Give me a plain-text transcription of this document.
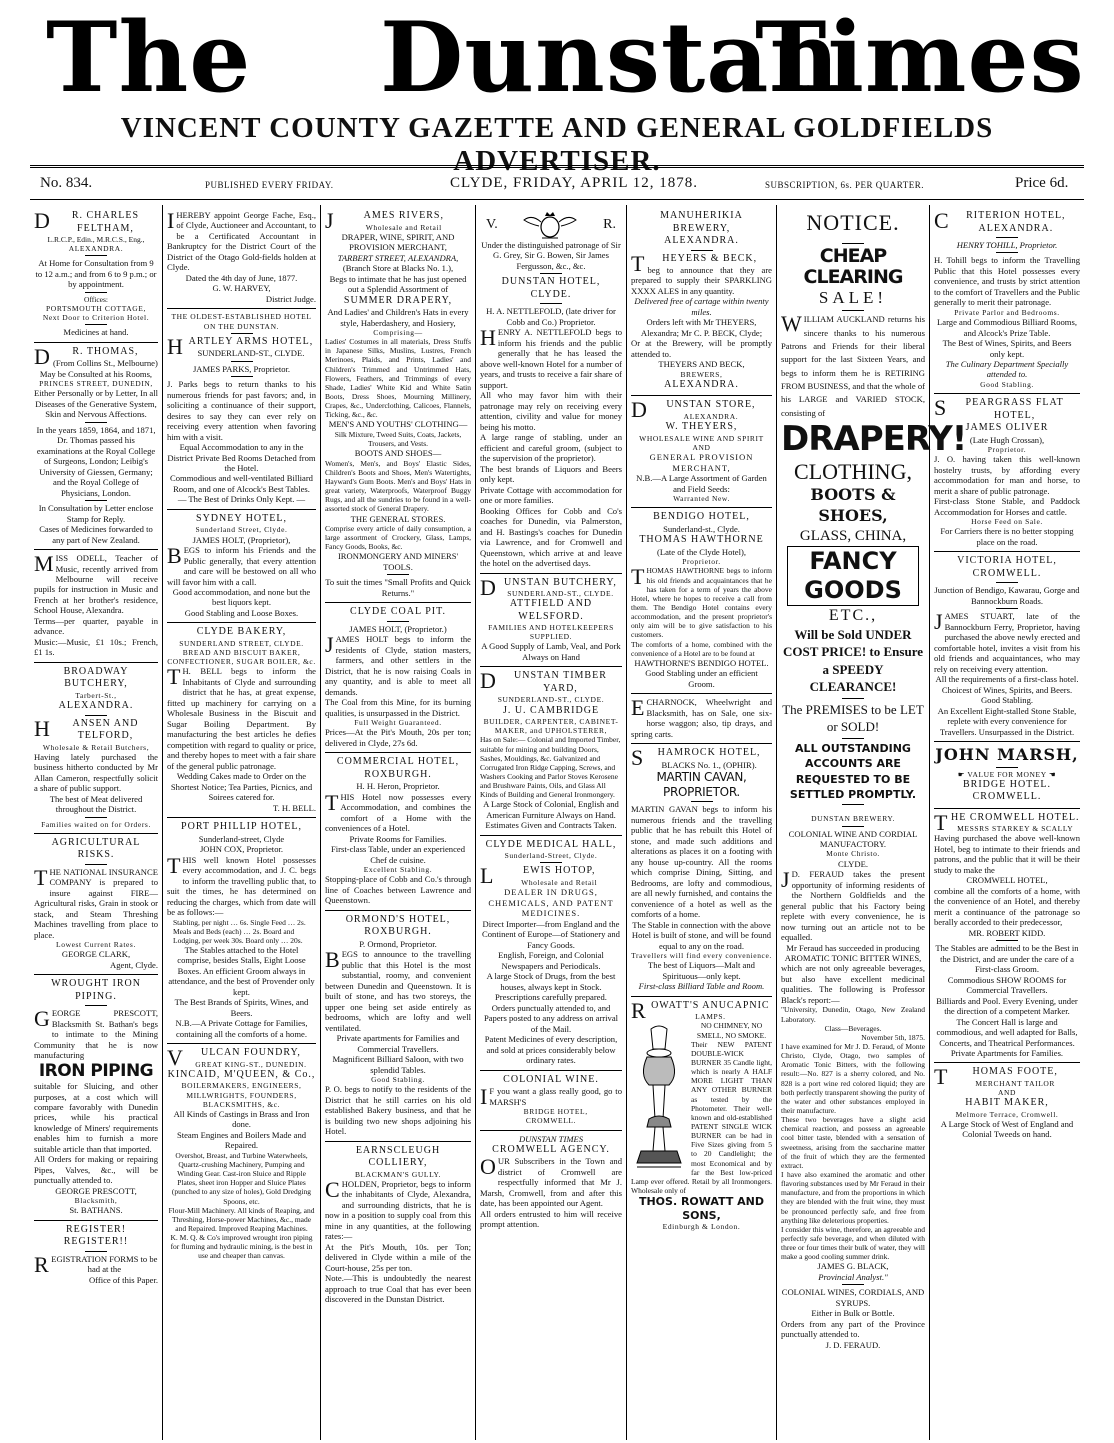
The Dunstan
Times
VINCENT COUNTY GAZETTE AND GENERAL GOLDFIELDS ADVERTISER.
No. 834.	PUBLISHED EVERY FRIDAY.	CLYDE, FRIDAY, APRIL 12, 1878.	SUBSCRIPTION, 6s. PER QUARTER.	Price 6d.
D R. CHARLES FELTHAM,
L.R.C.P., Edin., M.R.C.S., Eng.,
ALEXANDRA.
At Home for Consultation from 9 to 12 a.m.; and from 6 to 9 p.m.; or by appointment.
Offices:
PORTSMOUTH COTTAGE,
Next Door to Criterion Hotel.
Medicines at hand.
D R. THOMAS,
(From Collins St., Melbourne)
May be Consulted at his Rooms,
PRINCES STREET, DUNEDIN,
Either Personally or by Letter, In all Diseases of the Generative System, Skin and Nervous Affections.
In the years 1859, 1864, and 1871, Dr. Thomas passed his examinations at the Royal College of Surgeons, London; Leibig's University of Giessen, Germany; and the Royal College of Physicians, London.
In Consultation by Letter enclose Stamp for Reply.
Cases of Medicines forwarded to any part of New Zealand.
MISS ODELL, Teacher of Music, recently arrived from Melbourne will receive pupils for instruction in Music and French at her brother's residence, School House, Alexandra.
Terms—per quarter, payable in advance.
Music:—Music, £1 10s.; French, £1 1s.
BROADWAY BUTCHERY,
Tarbert-St.,
ALEXANDRA.
H ANSEN AND TELFORD,
Wholesale & Retail Butchers,
Having lately purchased the business hitherto conducted by Mr Allan Cameron, respectfully solicit a share of public support.
The best of Meat delivered throughout the District.
Families waited on for Orders.
AGRICULTURAL RISKS.
THE NATIONAL INSURANCE COMPANY is prepared to insure against FIRE—Agricultural risks, Grain in stook or stack, and Steam Threshing Machines travelling from place to place.
Lowest Current Rates.
GEORGE CLARK,
Agent, Clyde.
WROUGHT IRON PIPING.
GEORGE PRESCOTT, Blacksmith St. Bathan's begs to intimate to the Mining Community that he is now manufacturing
IRON PIPING
suitable for Sluicing, and other purposes, at a cost which will compare favorably with Dunedin prices, while his practical knowledge of Miners' requirements enables him to furnish a more suitable article than that imported.
All Orders for making or repairing Pipes, Valves, &c., will be punctually attended to.
GEORGE PRESCOTT,
Blacksmith,
St. BATHANS.
REGISTER! REGISTER!!
REGISTRATION FORMS to be had at the
Office of this Paper.
IHEREBY appoint George Fache, Esq., of Clyde, Auctioneer and Accountant, to be a Certificated Accountant in Bankruptcy for the District Court of the District of the Otago Gold-fields holden at Clyde.
Dated the 4th day of June, 1877.
G. W. HARVEY,
District Judge.
THE OLDEST-ESTABLISHED HOTEL ON THE DUNSTAN.
HARTLEY ARMS HOTEL,
SUNDERLAND-ST., CLYDE.
JAMES PARKS, Proprietor.
J. Parks begs to return thanks to his numerous friends for past favors; and, in soliciting a continuance of their support, desires to say they can ever rely on receiving every attention when favoring him with a visit.
Equal Accommodation to any in the District Private Bed Rooms Detached from the Hotel.
Commodious and well-ventilated Billiard Room, and one of Alcock's Best Tables.
— The Best of Drinks Only Kept. —
SYDNEY HOTEL,
Sunderland Street, Clyde.
JAMES HOLT, (Proprietor),
BEGS to inform his Friends and the Public generally, that every attention and care will be bestowed on all who will favor him with a call.
Good accommodation, and none but the best liquors kept.
Good Stabling and Loose Boxes.
CLYDE BAKERY,
SUNDERLAND STREET, CLYDE.
BREAD AND BISCUIT BAKER, CONFECTIONER, SUGAR BOILER, &c.
T H. BELL begs to inform the Inhabitants of Clyde and surrounding district that he has, at great expense, fitted up machinery for carrying on a Wholesale Business in the Biscuit and Sugar Boiling Department. By manufacturing the best articles he defies competition with regard to quality or price, and thereby hopes to meet with a fair share of the general public patronage.
Wedding Cakes made to Order on the Shortest Notice; Tea Parties, Picnics, and Soirees catered for.
T. H. BELL.
PORT PHILLIP HOTEL,
Sunderland-street, Clyde
JOHN COX, Proprietor.
THIS well known Hotel possesses every accommodation, and J. C. begs to inform the travelling public that, to suit the times, he has determined on reducing the charges, which from date will be as follows:—
Stabling, per night … 6s. Single Feed … 2s. Meals and Beds (each) … 2s. Board and Lodging, per week 30s. Board only … 20s.
The Stables attached to the Hotel comprise, besides Stalls, Eight Loose Boxes. An efficient Groom always in attendance, and the best of Provender only kept.
The Best Brands of Spirits, Wines, and Beers.
N.B.—A Private Cottage for Families, containing all the comforts of a home.
V ULCAN FOUNDRY,
GREAT KING-ST., DUNEDIN.
KINCAID, M'QUEEN, & Co.,
BOILERMAKERS, ENGINEERS, MILLWRIGHTS, FOUNDERS, BLACKSMITHS, &c.
All Kinds of Castings in Brass and Iron done.
Steam Engines and Boilers Made and Repaired.
Overshot, Breast, and Turbine Waterwheels, Quartz-crushing Machinery, Pumping and Winding Gear. Cast-iron Sluice and Ripple Plates, sheet iron Hopper and Sluice Plates (punched to any size of holes), Gold Dredging Spoons, etc.
Flour-Mill Machinery. All kinds of Reaping, and Threshing, Horse-power Machines, &c., made and Repaired. Improved Reaping Machines.
K. M. Q. & Co's improved wrought iron piping for fluming and hydraulic mining, is the best in use and cheaper than canvas.
J	AMES RIVERS,
Wholesale and Retail
DRAPER, WINE, SPIRIT, AND PROVISION MERCHANT,
TARBERT STREET, ALEXANDRA,
(Branch Store at Blacks No. 1.),
Begs to intimate that he has just opened out a Splendid Assortment of
SUMMER DRAPERY,
And Ladies' and Children's Hats in every style, Haberdashery, and Hosiery,
Comprising—
Ladies' Costumes in all materials, Dress Stuffs in Japanese Silks, Muslins, Lustres, French Merinoes, Plaids, and Prints, Ladies' and Children's Trimmed and Untrimmed Hats, Flowers, Feathers, and Trimmings of every Shade, Ladies' White Kid and White Satin Boots, Dress Shoes, Mourning Millinery, Crapes, &c., Underclothing, Calicoes, Flannels, Ticking, &c., &c.
MEN'S AND YOUTHS' CLOTHING—
Silk Mixture, Tweed Suits, Coats, Jackets, Trousers, and Vests.
BOOTS AND SHOES—
Women's, Men's, and Boys' Elastic Sides, Children's Boots and Shoes, Men's Watertights, Hayward's Gum Boots. Men's and Boys' Hats in great variety, Waterproofs, Waterproof Buggy Rugs, and all the sundries to be found in a well-assorted stock of General Drapery.
THE GENERAL STORES.
Comprise every article of daily consumption, a large assortment of Crockery, Glass, Lamps, Fancy Goods, Books, &c.
IRONMONGERY AND MINERS' TOOLS.
To suit the times "Small Profits and Quick Returns."
CLYDE COAL PIT.
JAMES HOLT, (Proprietor.)
JAMES HOLT begs to inform the residents of Clyde, station masters, farmers, and other settlers in the District, that he is now raising Coals in any quantity, and is able to meet all demands.
The Coal from this Mine, for its burning qualities, is unsurpassed in the District.
Full Weight Guaranteed.
Prices—At the Pit's Mouth, 20s per ton; delivered in Clyde, 27s 6d.
COMMERCIAL HOTEL,
ROXBURGH.
H. H. Heron, Proprietor.
THIS Hotel now possesses every Accommodation, and combines the comfort of a Home with the conveniences of a Hotel.
Private Rooms for Families.
First-class Table, under an experienced Chef de cuisine.
Excellent Stabling.
Stopping-place of Cobb and Co.'s through line of Coaches between Lawrence and Queenstown.
ORMOND'S HOTEL,
ROXBURGH.
P. Ormond, Proprietor.
BEGS to announce to the travelling public that this Hotel is the most substantial, roomy, and convenient between Dunedin and Queenstown. It is built of stone, and has two storeys, the upper one being set aside entirely as bedrooms, which are lofty and well ventilated.
Private apartments for Families and Commercial Travellers.
Magnificent Billiard Saloon, with two splendid Tables.
Good Stabling.
P. O. begs to notify to the residents of the District that he still carries on his old established Bakery business, and that he is building two new shops adjoining his Hotel.
EARNSCLEUGH COLLIERY,
BLACKMAN'S GULLY.
CHOLDEN, Proprietor, begs to inform the inhabitants of Clyde, Alexandra, and surrounding districts, that he is now in a position to supply coal from this mine in any quantities, at the following rates:—
At the Pit's Mouth, 10s. per Ton; delivered in Clyde within a mile of the Court-house, 25s per ton.
Note.—This is undoubtedly the nearest approach to true Coal that has ever been discovered in the Dunstan District.
V.	R.
Under the distinguished patronage of Sir G. Grey, Sir G. Bowen, Sir James Fergusson, &c., &c.
DUNSTAN HOTEL, CLYDE.
H. A. NETTLEFOLD, (late driver for Cobb and Co.) Proprietor.
HENRY A. NETTLEFOLD begs to inform his friends and the public generally that he has leased the above well-known Hotel for a number of years, and trusts to receive a fair share of support.
All who may favor him with their patronage may rely on receiving every attention, civility and value for money being his motto.
A large range of stabling, under an efficient and careful groom, (subject to the supervision of the proprietor).
The best brands of Liquors and Beers only kept.
Private Cottage with accommodation for one or more families.
Booking Offices for Cobb and Co's coaches for Dunedin, via Palmerston, and H. Bastings's coaches for Dunedin via Lawrence, and for Cromwell and Queenstown, which arrive at and leave the hotel on the advertised days.
DUNSTAN BUTCHERY,
SUNDERLAND-ST., CLYDE.
ATTFIELD AND WELSFORD.
FAMILIES AND HOTELKEEPERS SUPPLIED.
A Good Supply of Lamb, Veal, and Pork Always on Hand
D UNSTAN TIMBER YARD,
SUNDERLAND-ST., CLYDE.
J. U. CAMBRIDGE
BUILDER, CARPENTER, CABINET-MAKER, and UPHOLSTERER,
Has on Sale:— Colonial and Imported Timber, suitable for mining and building Doors, Sashes, Mouldings, &c. Galvanized and Corrugated Iron Ridge Capping, Screws, and Washers Cooking and Parlor Stoves Kerosene and Brushware Paints, Oils, and Glass All Kinds of Building and General Ironmongery.
A Large Stock of Colonial, English and American Furniture Always on Hand.
Estimates Given and Contracts Taken.
CLYDE MEDICAL HALL,
Sunderland-Street, Clyde.
L	EWIS HOTOP,
Wholesale and Retail
DEALER IN DRUGS, CHEMICALS, AND PATENT MEDICINES.
Direct Importer—from England and the Continent of Europe—of Stationery and Fancy Goods.
English, Foreign, and Colonial Newspapers and Periodicals.
A large Stock of Drugs, from the best houses, always kept in Stock. Prescriptions carefully prepared.
Orders punctually attended to, and Papers posted to any address on arrival of the Mail.
Patent Medicines of every description, and sold at prices considerably below ordinary rates.
COLONIAL WINE.
I F you want a glass really good, go to MARSH'S
BRIDGE HOTEL,
CROMWELL.
DUNSTAN TIMES
CROMWELL AGENCY.
OUR Subscribers in the Town and district of Cromwell are respectfully informed that Mr J. Marsh, Cromwell, from and after this date, has been appointed our Agent.
All orders entrusted to him will receive prompt attention.
MANUHERIKIA BREWERY,
ALEXANDRA.
T HEYERS & BECK,
beg to announce that they are prepared to supply their SPARKLING XXXX ALES in any quantity.
Delivered free of cartage within twenty miles.
Orders left with Mr THEYERS, Alexandra; Mr C. P. BECK, Clyde;
Or at the Brewery, will be promptly attended to.
THEYERS AND BECK,
BREWERS,
ALEXANDRA.
D UNSTAN STORE,
ALEXANDRA.
W. THEYERS,
WHOLESALE WINE AND SPIRIT
AND
GENERAL PROVISION MERCHANT,
N.B.—A Large Assortment of Garden and Field Seeds:
Warranted New.
BENDIGO HOTEL,
Sunderland-st., Clyde.
THOMAS HAWTHORNE
(Late of the Clyde Hotel),
Proprietor.
THOMAS HAWTHORNE begs to inform his old friends and acquaintances that he has taken for a term of years the above Hotel, where he hopes to receive a call from them. The Bendigo Hotel contains every accommodation, and the present proprietor's only aim will be to give satisfaction to his customers.
The comforts of a home, combined with the convenience of a Hotel are to be found at
HAWTHORNE'S BENDIGO HOTEL.
Good Stabling under an efficient Groom.
ECHARNOCK, Wheelwright and Blacksmith, has on Sale, one six-horse waggon; also, tip drays, and spring carts.
S HAMROCK HOTEL,
BLACKS No. 1., (OPHIR).
MARTIN CAVAN, PROPRIETOR.
MARTIN GAVAN begs to inform his numerous friends and the travelling public that he has rebuilt this Hotel of stone, and made such additions and alterations as places it on a footing with any house up-country. All the rooms which comprise Dining, Sitting, and Bedrooms, are lofty and commodious, are all newly furnished, and contains the convenience of a hotel as well as the comforts of a home.
The Stable in connection with the above Hotel is built of stone, and will be found equal to any on the road.
Travellers will find every convenience.
The best of Liquors—Malt and Spirituous—only kept.
First-class Billiard Table and Room.
ROWATT'S ANUCAPNIC
LAMPS.
NO CHIMNEY, NO SMELL, NO SMOKE.
Their NEW PATENT DOUBLE-WICK BURNER 35 Candle light, which is nearly A HALF MORE LIGHT THAN ANY OTHER BURNER as tested by the Photometer. Their well-known and old-established PATENT SINGLE WICK BURNER can be had in Five Sizes giving from 5 to 20 Candlelight; the most Economical and by far the Best low-priced Lamp ever offered. Retail by all Ironmongers. Wholesale only of
THOS. ROWATT AND SONS,
Edinburgh & London.
NOTICE.
CHEAP CLEARING
SALE!
WILLIAM AUCKLAND returns his sincere thanks to his numerous Patrons and Friends for their liberal support for the last Sixteen Years, and begs to inform them he is RETIRING FROM BUSINESS, and that the whole of his LARGE and VARIED STOCK, consisting of
DRAPERY!
CLOTHING,
BOOTS & SHOES,
GLASS, CHINA,
FANCY GOODS
ETC.,
Will be Sold UNDER COST PRICE! to Ensure a SPEEDY CLEARANCE!
The PREMISES to be LET or SOLD!
ALL OUTSTANDING ACCOUNTS ARE REQUESTED TO BE SETTLED PROMPTLY.
DUNSTAN BREWERY.
COLONIAL WINE AND CORDIAL MANUFACTORY.
Monte Christo.
CLYDE.
J D. FERAUD takes the present opportunity of informing residents of the Northern Goldfields and the general public that his Factory being replete with every convenience, he is now turning out an article not to be equalled.
Mr Feraud has succeeded in producing
AROMATIC TONIC BITTER WINES,
which are not only agreeable beverages, but also have excellent medicinal qualities. The following is Professor Black's report:—
"University, Dunedin, Otago, New Zealand Laboratory.
Class—Beverages.
November 5th, 1875.
I have examined for Mr J. D. Feraud, of Monte Christo, Clyde, Otago, two samples of Aromatic Tonic Bitters, with the following result:—No. 827 is a sherry colored, and No. 828 is a port wine red colored liquid; they are both perfectly transparent showing the purity of the water and other substances employed in their manufacture.
These two beverages have a slight acid chemical reaction, and possess an agreeable cool bitter taste, blended with a sensation of sweetness, arising from the saccharine matter of the fruit of which they are the fermented extract.
I have also examined the aromatic and other flavoring substances used by Mr Feraud in their manufacture, and from the proportions in which they are blended with the fruit wine, they must be pronounced perfectly safe, and free from anything like deleterious properties.
I consider this wine, therefore, an agreeable and perfectly safe beverage, and when diluted with three or four times their bulk of water, they will make a good cooling summer drink.
JAMES G. BLACK,
Provincial Analyst."
COLONIAL WINES, CORDIALS, AND SYRUPS.
Either in Bulk or Bottle.
Orders from any part of the Province punctually attended to.
J. D. FERAUD.
C RITERION HOTEL,
ALEXANDRA.
HENRY TOHILL, Proprietor.
H. Tohill begs to inform the Travelling Public that this Hotel possesses every convenience, and trusts by strict attention to the comfort of Travellers and the Public generally to merit their patronage.
Private Parlor and Bedrooms.
Large and Commodious Billiard Rooms, and Alcock's Prize Table.
The Best of Wines, Spirits, and Beers only kept.
The Culinary Department Specially attended to.
Good Stabling.
S PEARGRASS FLAT HOTEL,
JAMES OLIVER
(Late Hugh Crossan),
Proprietor.
J. O. having taken this well-known hostelry trusts, by affording every accommodation for man and horse, to merit a share of public patronage.
First-class Stone Stable, and Paddock Accommodation for Horses and cattle.
Horse Feed on Sale.
For Carriers there is no better stopping place on the road.
VICTORIA HOTEL,
CROMWELL.
Junction of Bendigo, Kawarau, Gorge and Bannockburn Roads.
JAMES STUART, late of the Bannockburn Ferry, Proprietor, having purchased the above newly erected and comfortable hotel, invites a visit from his old friends and acquaintances, who may rely on receiving every attention.
All the requirements of a first-class hotel.
Choicest of Wines, Spirits, and Beers. Good Stabling.
An Excellent Eight-stalled Stone Stable, replete with every convenience for Travellers. Unsurpassed in the District.
JOHN MARSH,
☛ VALUE FOR MONEY ☚
BRIDGE HOTEL.
CROMWELL.
THE CROMWELL HOTEL.
MESSRS STARKEY & SCALLY
Having purchased the above well-known Hotel, beg to intimate to their friends and patrons, and the public that it will be their study to make the
CROMWELL HOTEL,
combine all the comforts of a home, with the convenience of an Hotel, and thereby merit a continuance of the patronage so berally accorded to their predecessor,
MR. ROBERT KIDD.
The Stables are admitted to be the Best in the District, and are under the care of a First-class Groom.
Commodious SHOW ROOMS for Commercial Travellers.
Billiards and Pool. Every Evening, under the direction of a competent Marker.
The Concert Hall is large and commodious, and well adapted for Balls, Concerts, and Theatrical Performances.
Private Apartments for Families.
T HOMAS FOOTE,
MERCHANT TAILOR
AND
HABIT MAKER,
Melmore Terrace, Cromwell.
A Large Stock of West of England and Colonial Tweeds on hand.
